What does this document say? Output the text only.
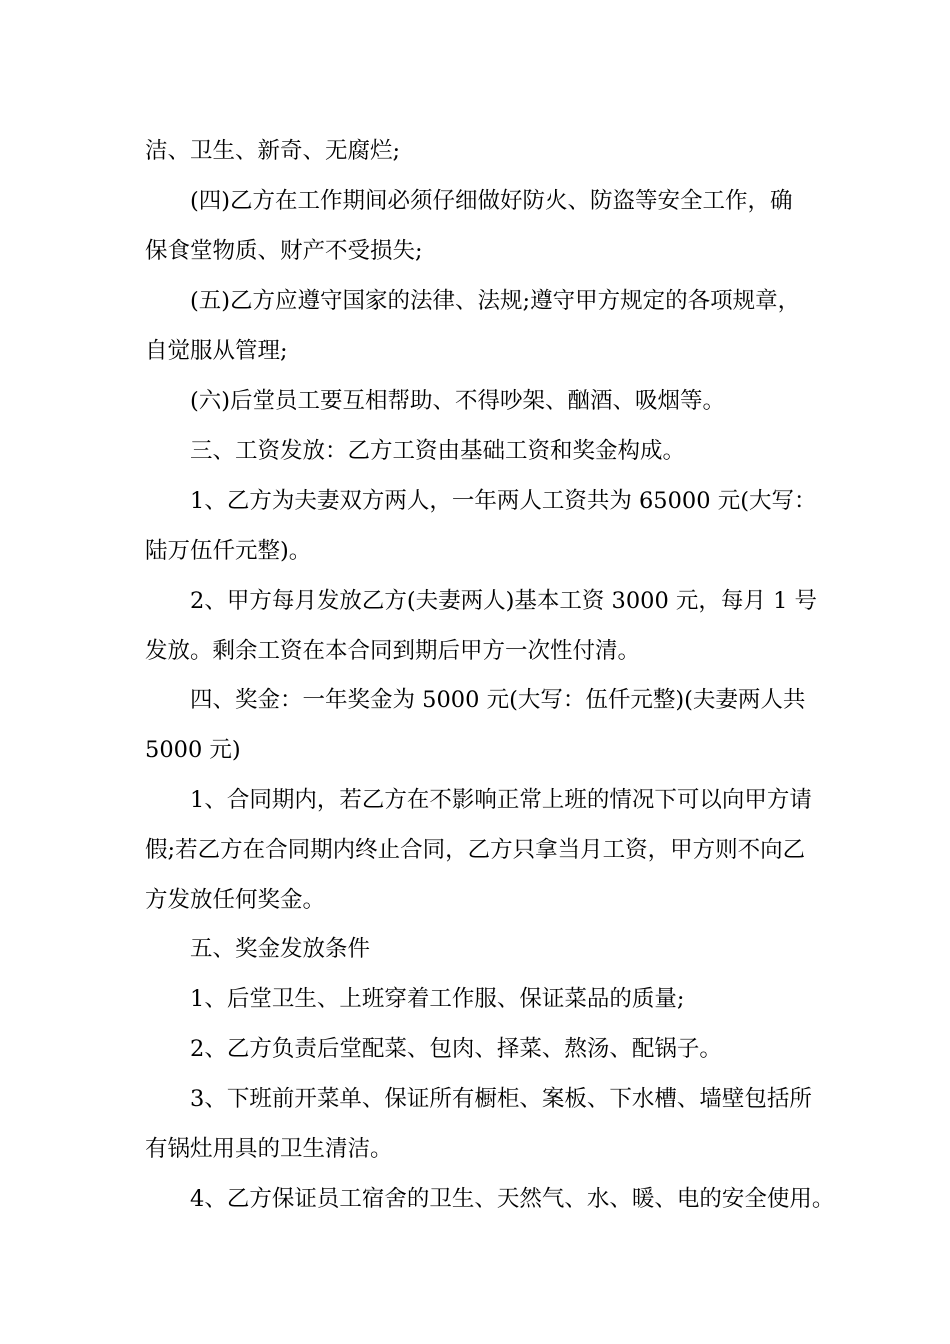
洁、卫生、新奇、无腐烂;
(四)乙方在工作期间必须仔细做好防火、防盗等安全工作，确
保食堂物质、财产不受损失;
(五)乙方应遵守国家的法律、法规;遵守甲方规定的各项规章，
自觉服从管理;
(六)后堂员工要互相帮助、不得吵架、酗酒、吸烟等。
三、工资发放：乙方工资由基础工资和奖金构成。
1、乙方为夫妻双方两人，一年两人工资共为 65000 元(大写：
陆万伍仟元整)。
2、甲方每月发放乙方(夫妻两人)基本工资 3000 元，每月 1 号
发放。剩余工资在本合同到期后甲方一次性付清。
四、奖金：一年奖金为 5000 元(大写：伍仟元整)(夫妻两人共
5000 元)
1、合同期内，若乙方在不影响正常上班的情况下可以向甲方请
假;若乙方在合同期内终止合同，乙方只拿当月工资，甲方则不向乙
方发放任何奖金。
五、奖金发放条件
1、后堂卫生、上班穿着工作服、保证菜品的质量;
2、乙方负责后堂配菜、包肉、择菜、熬汤、配锅子。
3、下班前开菜单、保证所有橱柜、案板、下水槽、墙壁包括所
有锅灶用具的卫生清洁。
4、乙方保证员工宿舍的卫生、天然气、水、暖、电的安全使用。
